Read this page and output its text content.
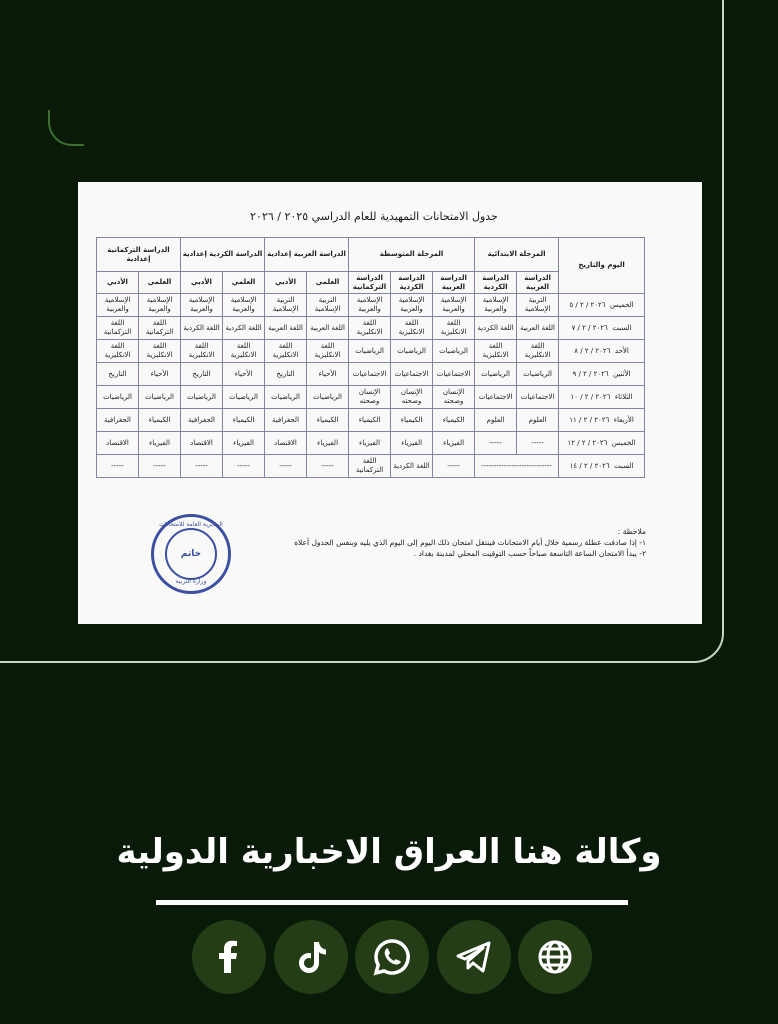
جدول الامتحانات التمهيدية للعام الدراسي ٢٠٢٥ / ٢٠٢٦
اليوم والتاريخ	المرحلة الابتدائية		المرحلة المتوسطة			الدراسة العربية إعدادية		الدراسة الكردية إعدادية		الدراسة التركمانية إعدادية	
	الدراسة العربية	الدراسة الكردية	الدراسة العربية	الدراسة الكردية	الدراسة التركمانية	العلمي	الأدبي	العلمي	الأدبي	العلمي	الأدبي
الخميس  ٢٠٢٦ / ٢ / ٥	التربية الإسلامية	الإسلامية والعربية	الإسلامية والعربية	الإسلامية والعربية	الإسلامية والعربية	التربية الإسلامية	التربية الإسلامية	الإسلامية والعربية	الإسلامية والعربية	الإسلامية والعربية	الإسلامية والعربية
السبت  ٢٠٢٦ / ٢ / ٧	اللغة العربية	اللغة الكردية	اللغة الانكليزية	اللغة الانكليزية	اللغة الانكليزية	اللغة العربية	اللغة العربية	اللغة الكردية	اللغة الكردية	اللغة التركمانية	اللغة التركمانية
الأحد  ٢٠٢٦ / ٢ / ٨	اللغة الانكليزية	اللغة الانكليزية	الرياضيات	الرياضيات	الرياضيات	اللغة الانكليزية	اللغة الانكليزية	اللغة الانكليزية	اللغة الانكليزية	اللغة الانكليزية	اللغة الانكليزية
الأثنين  ٢٠٢٦ / ٢ / ٩	الرياضيات	الرياضيات	الاجتماعيات	الاجتماعيات	الاجتماعيات	الأحياء	التاريخ	الأحياء	التاريخ	الأحياء	التاريخ
الثلاثاء  ٢٠٢٦ / ٢ / ١٠	الاجتماعيات	الاجتماعيات	الإنسان وصحته	الإنسان وصحته	الإنسان وصحته	الرياضيات	الرياضيات	الرياضيات	الرياضيات	الرياضيات	الرياضيات
الأربعاء  ٢٠٢٦ / ٢ / ١١	العلوم	العلوم	الكيمياء	الكيمياء	الكيمياء	الكيمياء	الجغرافية	الكيمياء	الجغرافية	الكيمياء	الجغرافية
الخميس  ٢٠٢٦ / ٢ / ١٢	-----	-----	الفيزياء	الفيزياء	الفيزياء	الفيزياء	الاقتصاد	الفيزياء	الاقتصاد	الفيزياء	الاقتصاد
السبت  ٢٠٢٦ / ٢ / ١٤	----------------------------		-----	اللغة الكردية	اللغة التركمانية	-----	-----	-----	-----	-----	-----
ملاحظة :
١- إذا صادفت عطلة رسمية خلال أيام الامتحانات فينتقل امتحان ذلك اليوم إلى اليوم الذي يليه وبنفس الجدول أعلاه
٢- يبدأ الامتحان الساعة التاسعة صباحاً حسب التوقيت المحلي لمدينة بغداد .
المديرية العامة للامتحانات
خاتم
وزارة التربية
وكالة هنا العراق الاخبارية الدولية
